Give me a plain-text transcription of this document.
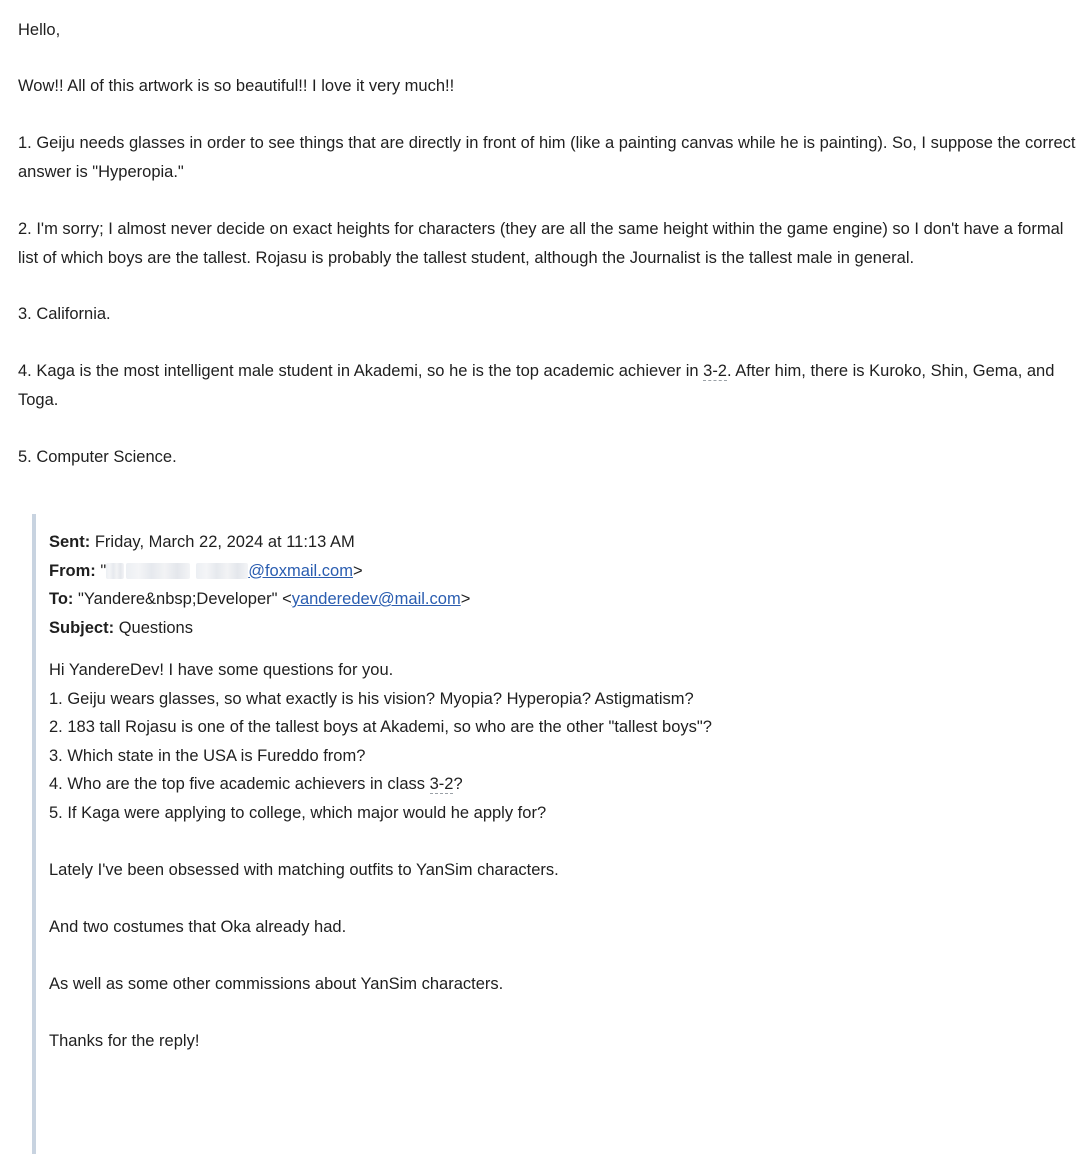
Hello,

Wow!! All of this artwork is so beautiful!! I love it very much!!

1. Geiju needs glasses in order to see things that are directly in front of him (like a painting canvas while he is painting). So, I suppose the correct answer is "Hyperopia."

2. I'm sorry; I almost never decide on exact heights for characters (they are all the same height within the game engine) so I don't have a formal list of which boys are the tallest. Rojasu is probably the tallest student, although the Journalist is the tallest male in general.

3. California.

4. Kaga is the most intelligent male student in Akademi, so he is the top academic achiever in 3-2. After him, there is Kuroko, Shin, Gema, and Toga.

5. Computer Science.

Sent: Friday, March 22, 2024 at 11:13 AM

From: "	@foxmail.com>

To: "Yandere&nbsp;Developer" <yanderedev@mail.com>

Subject: Questions

Hi YandereDev! I have some questions for you.

1. Geiju wears glasses, so what exactly is his vision? Myopia? Hyperopia? Astigmatism?

2. 183 tall Rojasu is one of the tallest boys at Akademi, so who are the other "tallest boys"?

3. Which state in the USA is Fureddo from?

4. Who are the top five academic achievers in class 3-2?

5. If Kaga were applying to college, which major would he apply for?

Lately I've been obsessed with matching outfits to YanSim characters.

And two costumes that Oka already had.

As well as some other commissions about YanSim characters.

Thanks for the reply!
